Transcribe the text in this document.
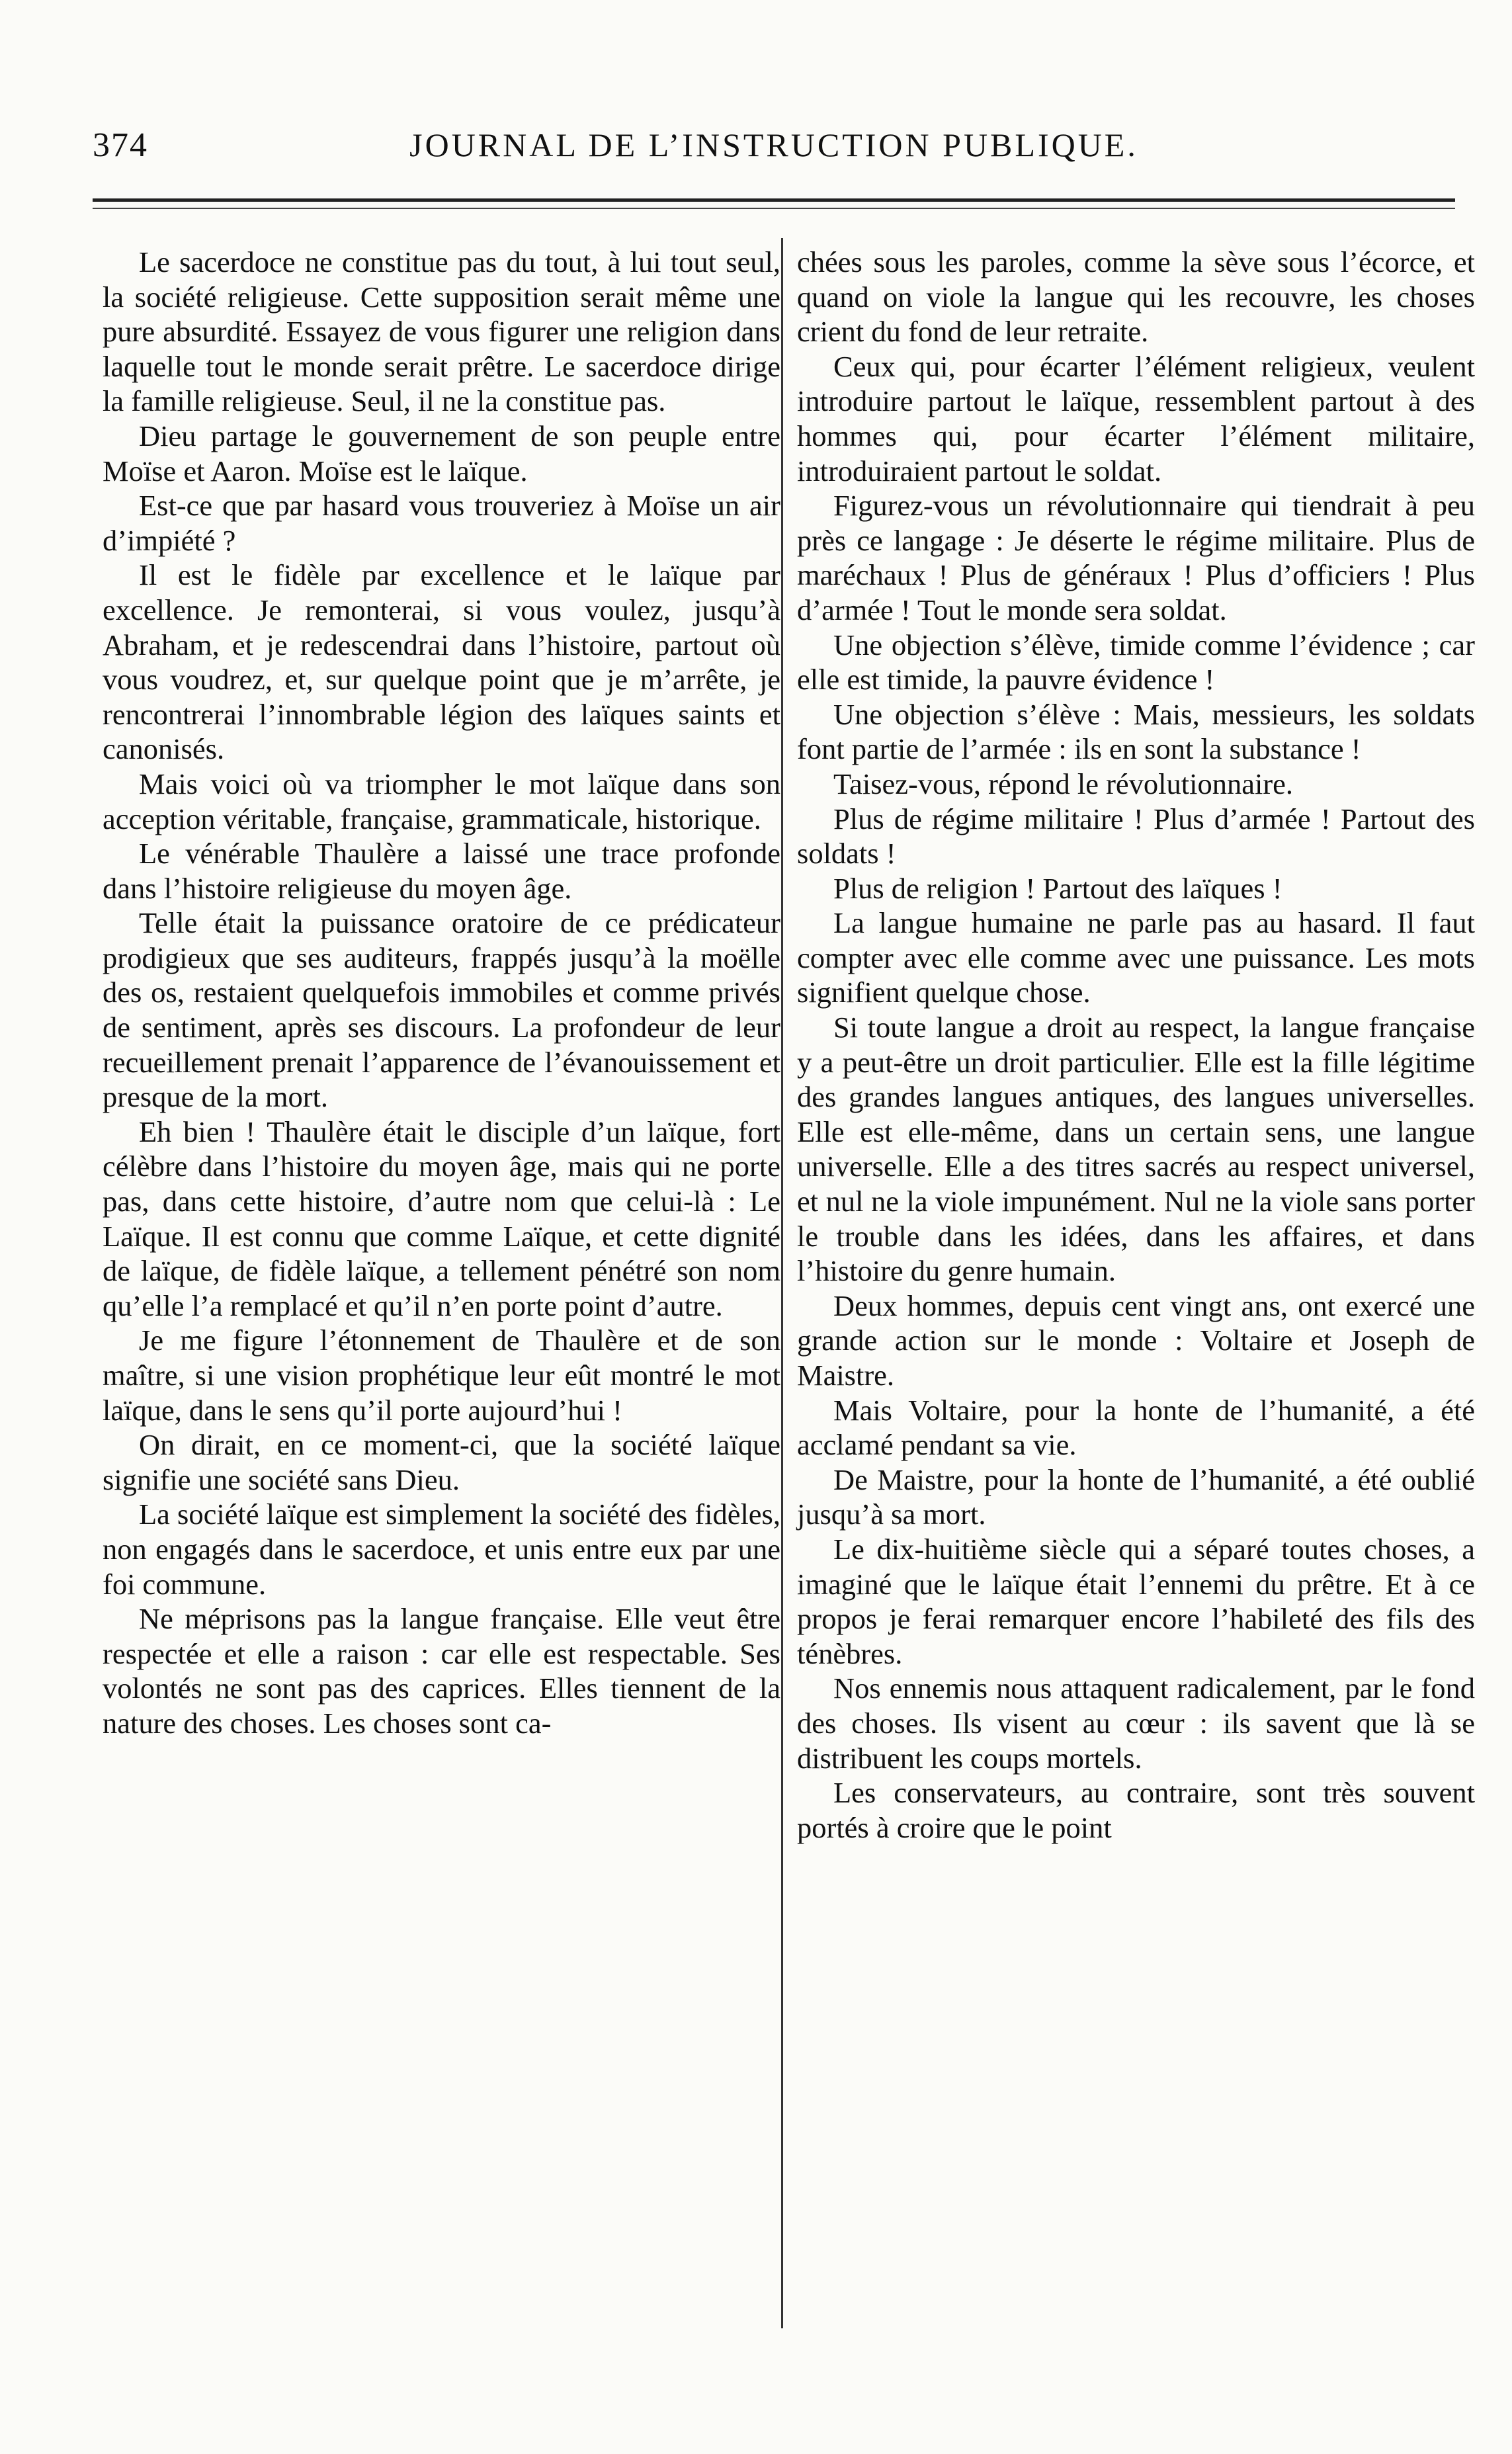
374	JOURNAL DE L’INSTRUCTION PUBLIQUE.

Le sacerdoce ne constitue pas du tout, à lui tout seul, la société religieuse. Cette supposition serait même une pure absurdité. Essayez de vous figurer une religion dans laquelle tout le monde serait prêtre. Le sacerdoce dirige la famille religieuse. Seul, il ne la constitue pas.

Dieu partage le gouvernement de son peuple entre Moïse et Aaron. Moïse est le laïque.

Est-ce que par hasard vous trouveriez à Moïse un air d’impiété ?

Il est le fidèle par excellence et le laïque par excellence. Je remonterai, si vous voulez, jusqu’à Abraham, et je redescendrai dans l’histoire, partout où vous voudrez, et, sur quelque point que je m’arrête, je rencontrerai l’innombrable légion des laïques saints et canonisés.

Mais voici où va triompher le mot laïque dans son acception véritable, française, grammaticale, historique.

Le vénérable Thaulère a laissé une trace profonde dans l’histoire religieuse du moyen âge.

Telle était la puissance oratoire de ce prédicateur prodigieux que ses auditeurs, frappés jusqu’à la moëlle des os, restaient quelquefois immobiles et comme privés de sentiment, après ses discours. La profondeur de leur recueillement prenait l’apparence de l’évanouissement et presque de la mort.

Eh bien ! Thaulère était le disciple d’un laïque, fort célèbre dans l’histoire du moyen âge, mais qui ne porte pas, dans cette histoire, d’autre nom que celui-là : Le Laïque. Il est connu que comme Laïque, et cette dignité de laïque, de fidèle laïque, a tellement pénétré son nom qu’elle l’a remplacé et qu’il n’en porte point d’autre.

Je me figure l’étonnement de Thaulère et de son maître, si une vision prophétique leur eût montré le mot laïque, dans le sens qu’il porte aujourd’hui !

On dirait, en ce moment-ci, que la société laïque signifie une société sans Dieu.

La société laïque est simplement la société des fidèles, non engagés dans le sacerdoce, et unis entre eux par une foi commune.

Ne méprisons pas la langue française. Elle veut être respectée et elle a raison : car elle est respectable. Ses volontés ne sont pas des caprices. Elles tiennent de la nature des choses. Les choses sont ca-

chées sous les paroles, comme la sève sous l’écorce, et quand on viole la langue qui les recouvre, les choses crient du fond de leur retraite.

Ceux qui, pour écarter l’élément religieux, veulent introduire partout le laïque, ressemblent partout à des hommes qui, pour écarter l’élément militaire, introduiraient partout le soldat.

Figurez-vous un révolutionnaire qui tiendrait à peu près ce langage : Je déserte le régime militaire. Plus de maréchaux ! Plus de généraux ! Plus d’officiers ! Plus d’armée ! Tout le monde sera soldat.

Une objection s’élève, timide comme l’évidence ; car elle est timide, la pauvre évidence !

Une objection s’élève : Mais, messieurs, les soldats font partie de l’armée : ils en sont la substance !

Taisez-vous, répond le révolutionnaire.

Plus de régime militaire ! Plus d’armée ! Partout des soldats !

Plus de religion ! Partout des laïques !

La langue humaine ne parle pas au hasard. Il faut compter avec elle comme avec une puissance. Les mots signifient quelque chose.

Si toute langue a droit au respect, la langue française y a peut-être un droit particulier. Elle est la fille légitime des grandes langues antiques, des langues universelles. Elle est elle-même, dans un certain sens, une langue universelle. Elle a des titres sacrés au respect universel, et nul ne la viole impunément. Nul ne la viole sans porter le trouble dans les idées, dans les affaires, et dans l’histoire du genre humain.

Deux hommes, depuis cent vingt ans, ont exercé une grande action sur le monde : Voltaire et Joseph de Maistre.

Mais Voltaire, pour la honte de l’humanité, a été acclamé pendant sa vie.

De Maistre, pour la honte de l’humanité, a été oublié jusqu’à sa mort.

Le dix-huitième siècle qui a séparé toutes choses, a imaginé que le laïque était l’ennemi du prêtre. Et à ce propos je ferai remarquer encore l’habileté des fils des ténèbres.

Nos ennemis nous attaquent radicalement, par le fond des choses. Ils visent au cœur : ils savent que là se distribuent les coups mortels.

Les conservateurs, au contraire, sont très souvent portés à croire que le point
